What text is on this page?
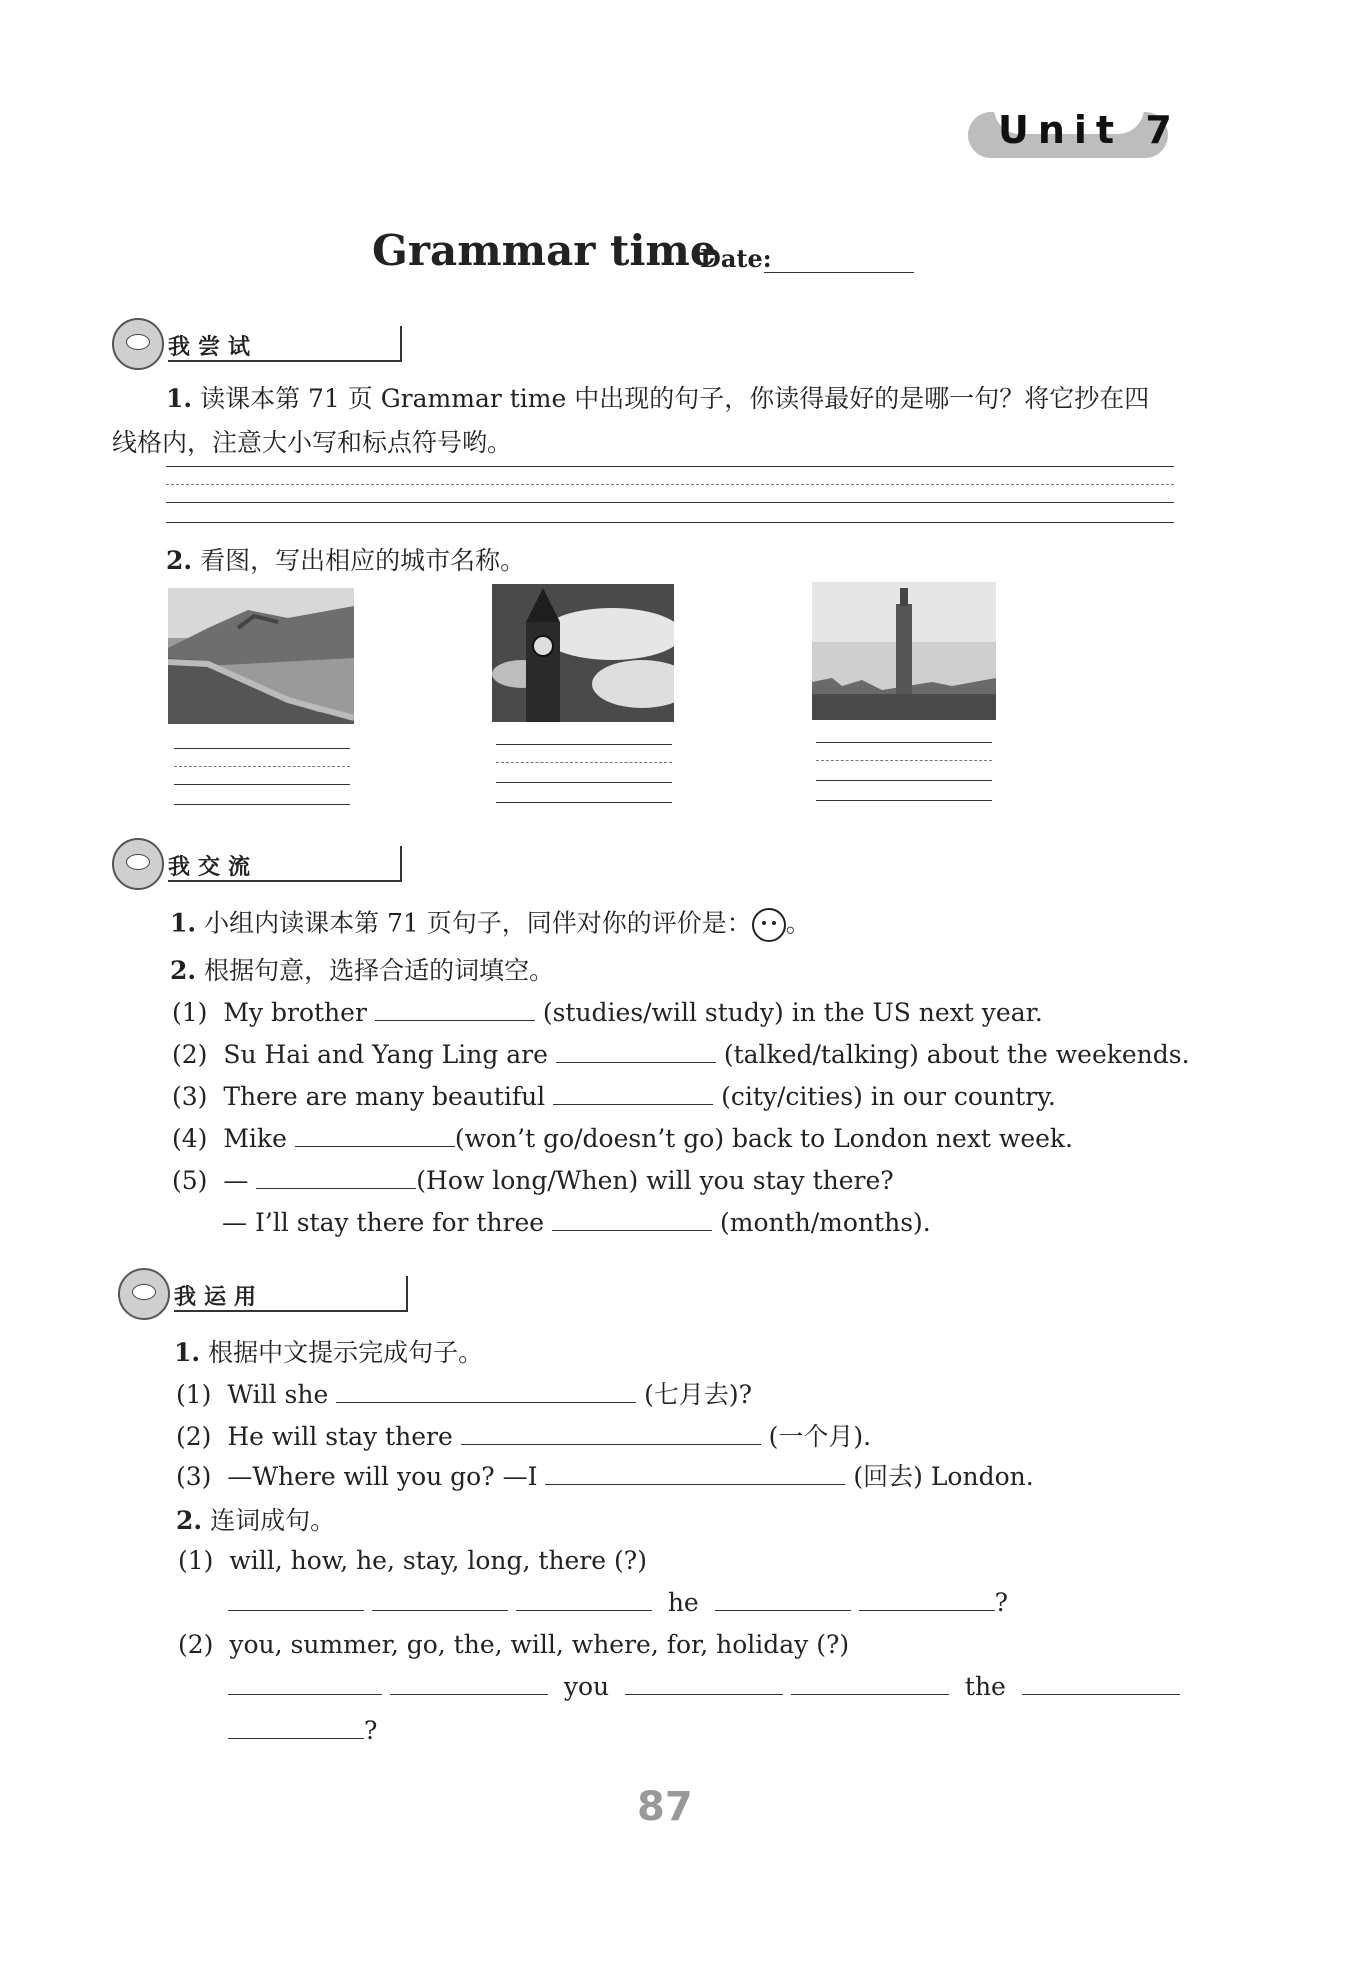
Unit 7
Grammar time
Date:
我尝试
1. 读课本第 71 页 Grammar time 中出现的句子，你读得最好的是哪一句？将它抄在四
线格内，注意大小写和标点符号哟。
2. 看图，写出相应的城市名称。
我交流
1. 小组内读课本第 71 页句子，同伴对你的评价是： 。
2. 根据句意，选择合适的词填空。
(1) My brother	(studies/will study) in the US next year.
(2) Su Hai and Yang Ling are	(talked/talking) about the weekends.
(3) There are many beautiful	(city/cities) in our country.
(4) Mike	(won’t go/doesn’t go) back to London next week.
(5) —	(How long/When) will you stay there?
— I’ll stay there for three	(month/months).
我运用
1. 根据中文提示完成句子。
(1) Will she	(七月去)?
(2) He will stay there	(一个月).
(3) —Where will you go? —I	(回去) London.
2. 连词成句。
(1) will, how, he, stay, long, there (?)
he	?
(2) you, summer, go, the, will, where, for, holiday (?)
you	the
?
87
